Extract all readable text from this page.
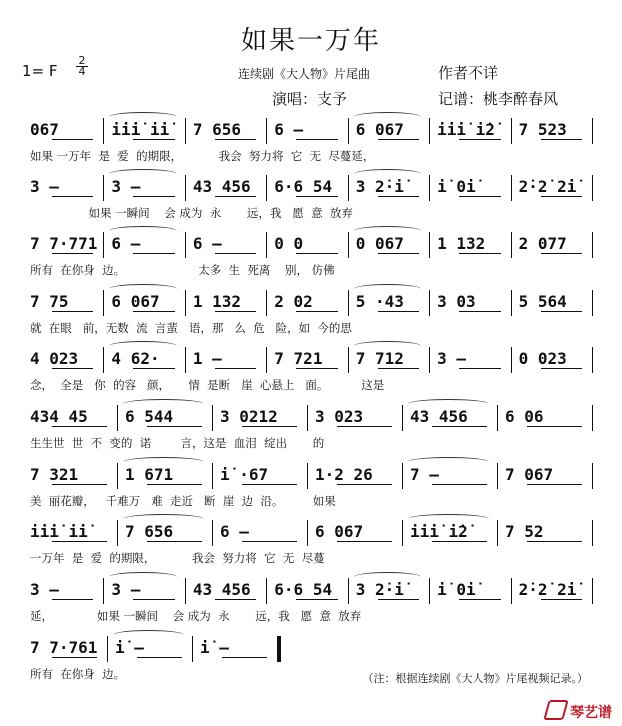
如果一万年
1= F $\frac{2}{4}$	连续剧《大人物》片尾曲	作者不详
演唱：支予	记谱：桃李醉春风
067	i̇i̇i̇ i̇i̇ 7 656 6 –	6 067 i̇i̇i̇ i̇2̇ 7 523
如果 一万年  是  爱  的期限，          我会  努力将  它  无  尽蔓延，
3 –	3 –	43 456 6·6 54 3 2̇·i̇ i̇ 0i̇	2̇·2̇ 2̇i̇
如果 一瞬间    会 成为  永       远，我   愿  意  放弃
7 7·771 6 –	6 –	0 0	0 067 1 132 2 077
所有  在你身  边。                    太多  生  死离    别， 仿佛
7 75	6 067 1 132 2 02	5 ·43 3 03	5 564
就  在眼   前，无数  流  言蜚   语，那   么  危   险，如  今的思
4 023 4 62· 1 –	7 721 7 712 3 –	0 023
念，  全是   你  的容   颜，     情  是断   崖  心悬上   面。         这是
434 45 6 544	3 0212 3 023	43 456 6 06
生生世  世  不  变的  诺        言，这是  血泪  绽出       的
7 321	1 671	i̇ ·67	1·2 26 7 –	7 067
美  丽花瓣，   千难万   难  走近   断  崖  边  沿。        如果
i̇i̇i̇ i̇i̇ 7 656	6 –	6 067	i̇i̇i̇ i̇2̇ 7 52
一万年  是  爱  的期限，          我会  努力将  它  无  尽蔓
3 –	3 –	43 456 6·6 54 3 2̇·i̇ i̇ 0i̇	2̇·2̇ 2̇i̇
延，            如果 一瞬间    会 成为  永       远，我   愿  意  放弃
7 7·761 i̇ –	i̇ –
所有  在你身  边。	（注：根据连续剧《大人物》片尾视频记录。）
琴艺谱
